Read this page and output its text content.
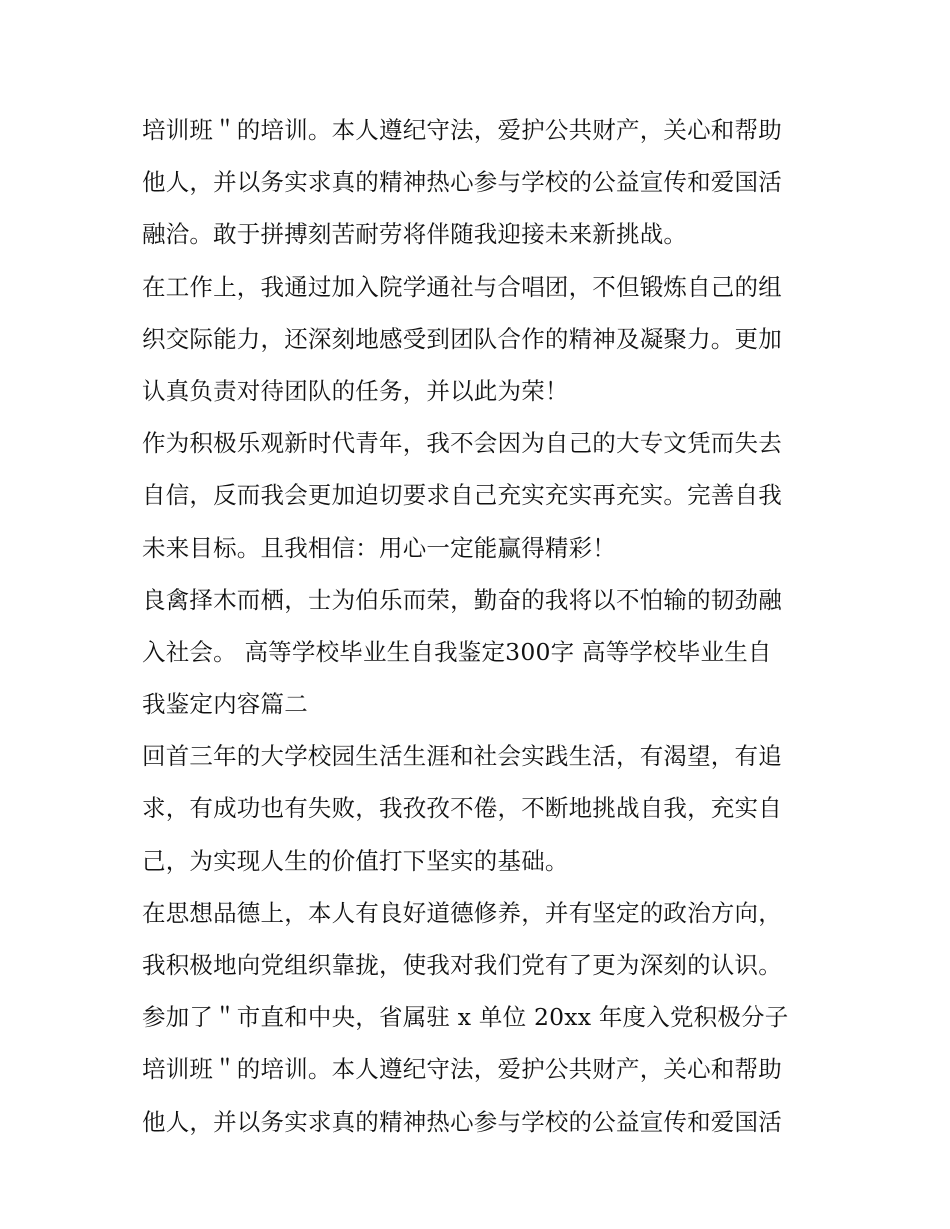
培训班＂的培训。本人遵纪守法，爱护公共财产，关心和帮助
他人，并以务实求真的精神热心参与学校的公益宣传和爱国活
融洽。敢于拼搏刻苦耐劳将伴随我迎接未来新挑战。
在工作上，我通过加入院学通社与合唱团，不但锻炼自己的组
织交际能力，还深刻地感受到团队合作的精神及凝聚力。更加
认真负责对待团队的任务，并以此为荣！
作为积极乐观新时代青年，我不会因为自己的大专文凭而失去
自信，反而我会更加迫切要求自己充实充实再充实。完善自我
未来目标。且我相信：用心一定能赢得精彩！
良禽择木而栖，士为伯乐而荣，勤奋的我将以不怕输的韧劲融
入社会。 高等学校毕业生自我鉴定300字 高等学校毕业生自
我鉴定内容篇二
回首三年的大学校园生活生涯和社会实践生活，有渴望，有追
求，有成功也有失败，我孜孜不倦，不断地挑战自我，充实自
己，为实现人生的价值打下坚实的基础。
在思想品德上，本人有良好道德修养，并有坚定的政治方向，
我积极地向党组织靠拢，使我对我们党有了更为深刻的认识。
参加了＂市直和中央，省属驻 x 单位 20xx 年度入党积极分子
培训班＂的培训。本人遵纪守法，爱护公共财产，关心和帮助
他人，并以务实求真的精神热心参与学校的公益宣传和爱国活
